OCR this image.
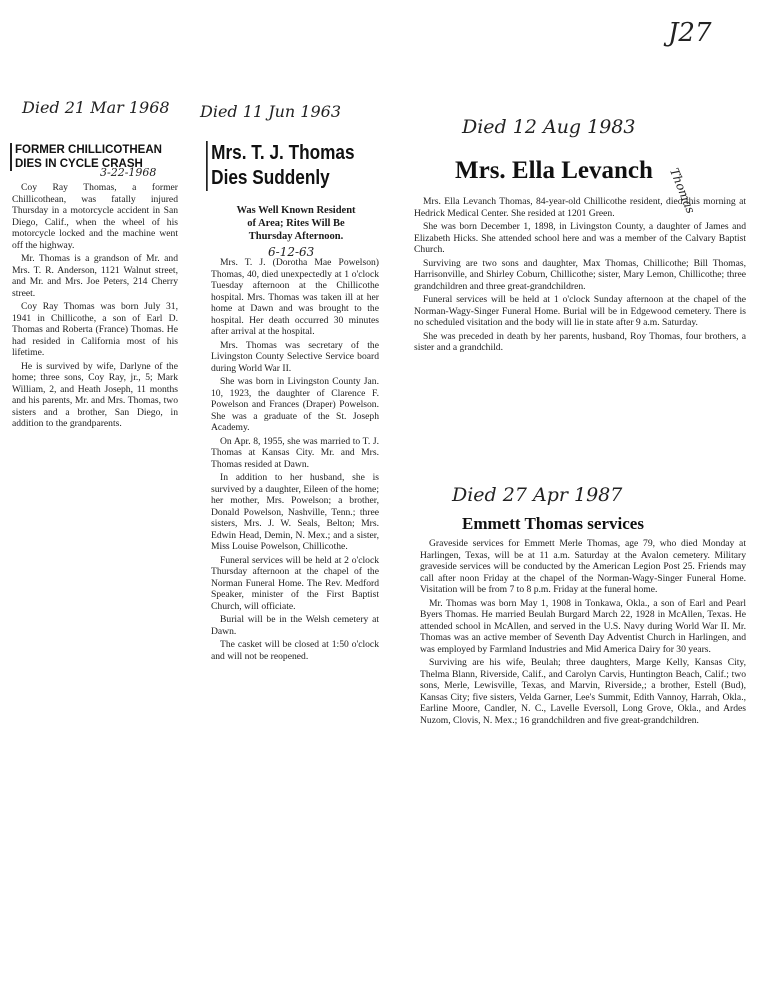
J27
Died 21 Mar 1968
3-22-1968
FORMER CHILLICOTHEAN
DIES IN CYCLE CRASH

Coy Ray Thomas, a former Chillicothean, was fatally injured Thursday in a motorcycle accident in San Diego, Calif., when the wheel of his motorcycle locked and the machine went off the highway.

Mr. Thomas is a grandson of Mr. and Mrs. T. R. Anderson, 1121 Walnut street, and Mr. and Mrs. Joe Peters, 214 Cherry street.

Coy Ray Thomas was born July 31, 1941 in Chillicothe, a son of Earl D. Thomas and Roberta (France) Thomas. He had resided in California most of his lifetime.

He is survived by wife, Darlyne of the home; three sons, Coy Ray, jr., 5; Mark William, 2, and Heath Joseph, 11 months and his parents, Mr. and Mrs. Thomas, two sisters and a brother, San Diego, in addition to the grandparents.

Died 11 Jun 1963
Mrs. T. J. Thomas
Dies Suddenly
Was Well Known Resident
of Area; Rites Will Be
Thursday Afternoon.
6-12-63

Mrs. T. J. (Dorotha Mae Powelson) Thomas, 40, died unexpectedly at 1 o'clock Tuesday afternoon at the Chillicothe hospital. Mrs. Thomas was taken ill at her home at Dawn and was brought to the hospital. Her death occurred 30 minutes after arrival at the hospital.

Mrs. Thomas was secretary of the Livingston County Selective Service board during World War II.

She was born in Livingston County Jan. 10, 1923, the daughter of Clarence F. Powelson and Frances (Draper) Powelson. She was a graduate of the St. Joseph Academy.

On Apr. 8, 1955, she was married to T. J. Thomas at Kansas City. Mr. and Mrs. Thomas resided at Dawn.

In addition to her husband, she is survived by a daughter, Eileen of the home; her mother, Mrs. Powelson; a brother, Donald Powelson, Nashville, Tenn.; three sisters, Mrs. J. W. Seals, Belton; Mrs. Edwin Head, Demin, N. Mex.; and a sister, Miss Louise Powelson, Chillicothe.

Funeral services will be held at 2 o'clock Thursday afternoon at the chapel of the Norman Funeral Home. The Rev. Medford Speaker, minister of the First Baptist Church, will officiate.

Burial will be in the Welsh cemetery at Dawn.

The casket will be closed at 1:50 o'clock and will not be reopened.

Died 12 Aug 1983
Thomas
Mrs. Ella Levanch

Mrs. Ella Levanch Thomas, 84-year-old Chillicothe resident, died this morning at Hedrick Medical Center. She resided at 1201 Green.

She was born December 1, 1898, in Livingston County, a daughter of James and Elizabeth Hicks. She attended school here and was a member of the Calvary Baptist Church.

Surviving are two sons and daughter, Max Thomas, Chillicothe; Bill Thomas, Harrisonville, and Shirley Coburn, Chillicothe; sister, Mary Lemon, Chillicothe; three grandchildren and three great-grandchildren.

Funeral services will be held at 1 o'clock Sunday afternoon at the chapel of the Norman-Wagy-Singer Funeral Home. Burial will be in Edgewood cemetery. There is no scheduled visitation and the body will lie in state after 9 a.m. Saturday.

She was preceded in death by her parents, husband, Roy Thomas, four brothers, a sister and a grandchild.

Died 27 Apr 1987
Emmett Thomas services

Graveside services for Emmett Merle Thomas, age 79, who died Monday at Harlingen, Texas, will be at 11 a.m. Saturday at the Avalon cemetery. Military graveside services will be conducted by the American Legion Post 25. Friends may call after noon Friday at the chapel of the Norman-Wagy-Singer Funeral Home. Visitation will be from 7 to 8 p.m. Friday at the funeral home.

Mr. Thomas was born May 1, 1908 in Tonkawa, Okla., a son of Earl and Pearl Byers Thomas. He married Beulah Burgard March 22, 1928 in McAllen, Texas. He attended school in McAllen, and served in the U.S. Navy during World War II. Mr. Thomas was an active member of Seventh Day Adventist Church in Harlingen, and was employed by Farmland Industries and Mid America Dairy for 30 years.

Surviving are his wife, Beulah; three daughters, Marge Kelly, Kansas City, Thelma Blann, Riverside, Calif., and Carolyn Carvis, Huntington Beach, Calif.; two sons, Merle, Lewisville, Texas, and Marvin, Riverside,; a brother, Estell (Bud), Kansas City; five sisters, Velda Garner, Lee's Summit, Edith Vannoy, Harrah, Okla., Earline Moore, Candler, N. C., Lavelle Eversoll, Long Grove, Okla., and Ardes Nuzom, Clovis, N. Mex.; 16 grandchildren and five great-grandchildren.
